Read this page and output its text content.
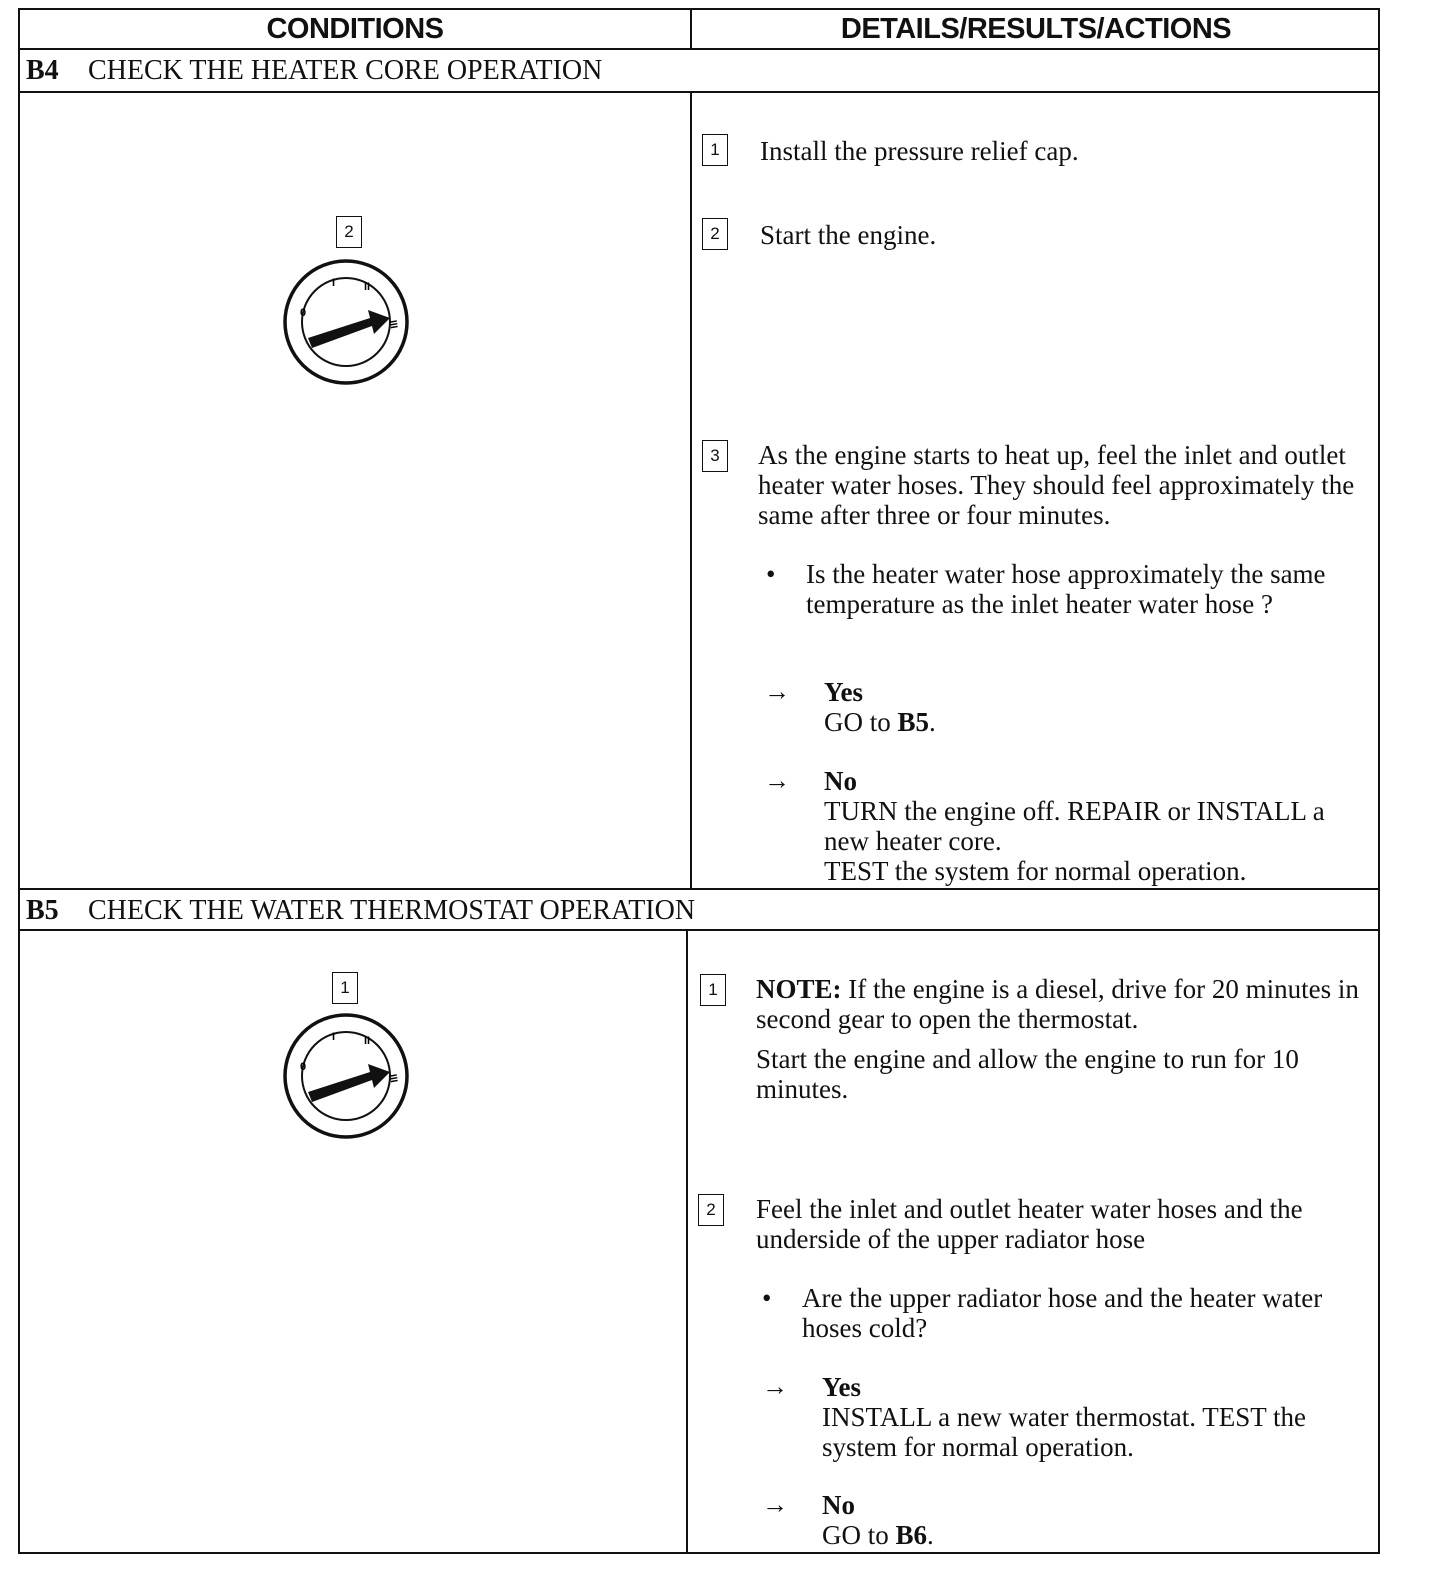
CONDITIONS	DETAILS/RESULTS/ACTIONS
B4 CHECK THE HEATER CORE OPERATION
2
0
I	II
III
1	Install the pressure relief cap.
2	Start the engine.
3	As the engine starts to heat up, feel the inlet and outlet heater water hoses. They should feel approximately the same after three or four minutes.
• Is the heater water hose approximately the same temperature as the inlet heater water hose ?
→ Yes

GO to B5.

→ No

TURN the engine off. REPAIR or INSTALL a new heater core.

TEST the system for normal operation.

B5 CHECK THE WATER THERMOSTAT OPERATION
1
0
I	II
III
1	NOTE: If the engine is a diesel, drive for 20 minutes in second gear to open the thermostat.

Start the engine and allow the engine to run for 10 minutes.

2	Feel the inlet and outlet heater water hoses and the underside of the upper radiator hose
• Are the upper radiator hose and the heater water hoses cold?
→ Yes

INSTALL a new water thermostat. TEST the system for normal operation.

→ No

GO to B6.
